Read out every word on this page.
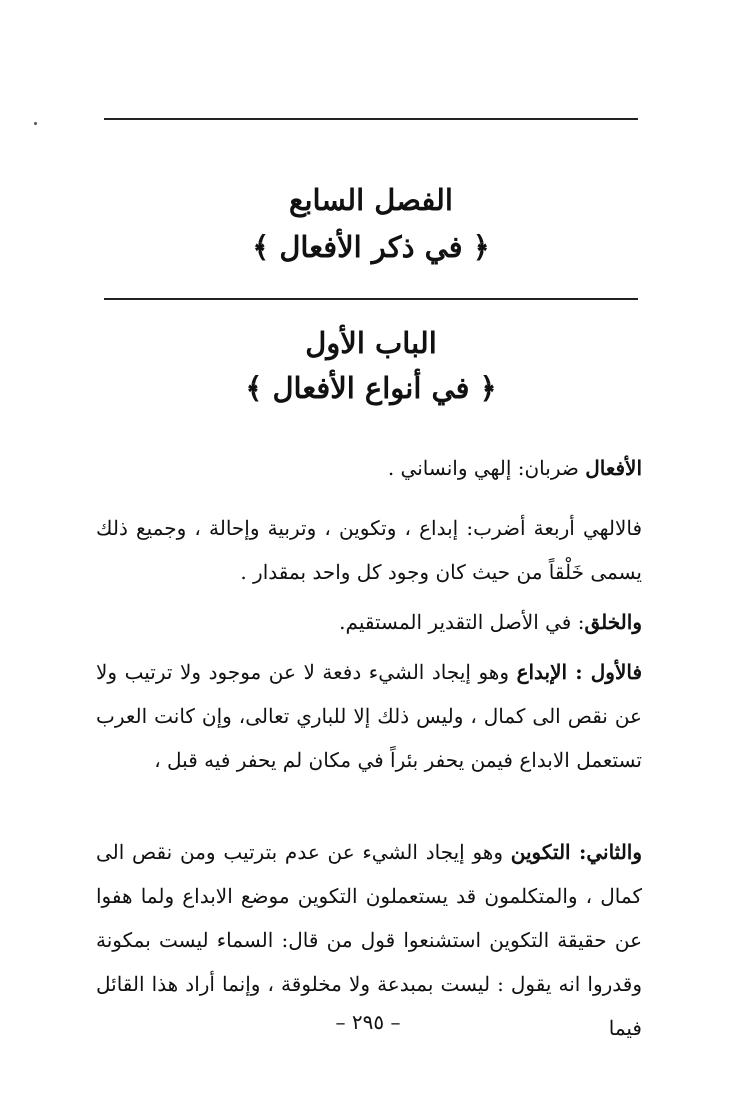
الفصل السابع
﴿ في ذكر الأفعال ﴾
الباب الأول
﴿ في أنواع الأفعال ﴾

الأفعال ضربان: إلهي وانساني .

فالالهي أربعة أضرب: إبداع ، وتكوين ، وتربية وإحالة ، وجميع ذلك يسمى خَلْقاً من حيث كان وجود كل واحد بمقدار .

والخلق: في الأصل التقدير المستقيم.

فالأول : الإبداع وهو إيجاد الشيء دفعة لا عن موجود ولا ترتيب ولا عن نقص الى كمال ، وليس ذلك إلا للباري تعالى، وإن كانت العرب تستعمل الابداع فيمن يحفر بئراً في مكان لم يحفر فيه قبل ،

والثاني: التكوين وهو إيجاد الشيء عن عدم بترتيب ومن نقص الى كمال ، والمتكلمون قد يستعملون التكوين موضع الابداع ولما هفوا عن حقيقة التكوين استشنعوا قول من قال: السماء ليست بمكونة وقدروا انه يقول : ليست بمبدعة ولا مخلوقة ، وإنما أراد هذا القائل فيما

– ٢٩٥ –
